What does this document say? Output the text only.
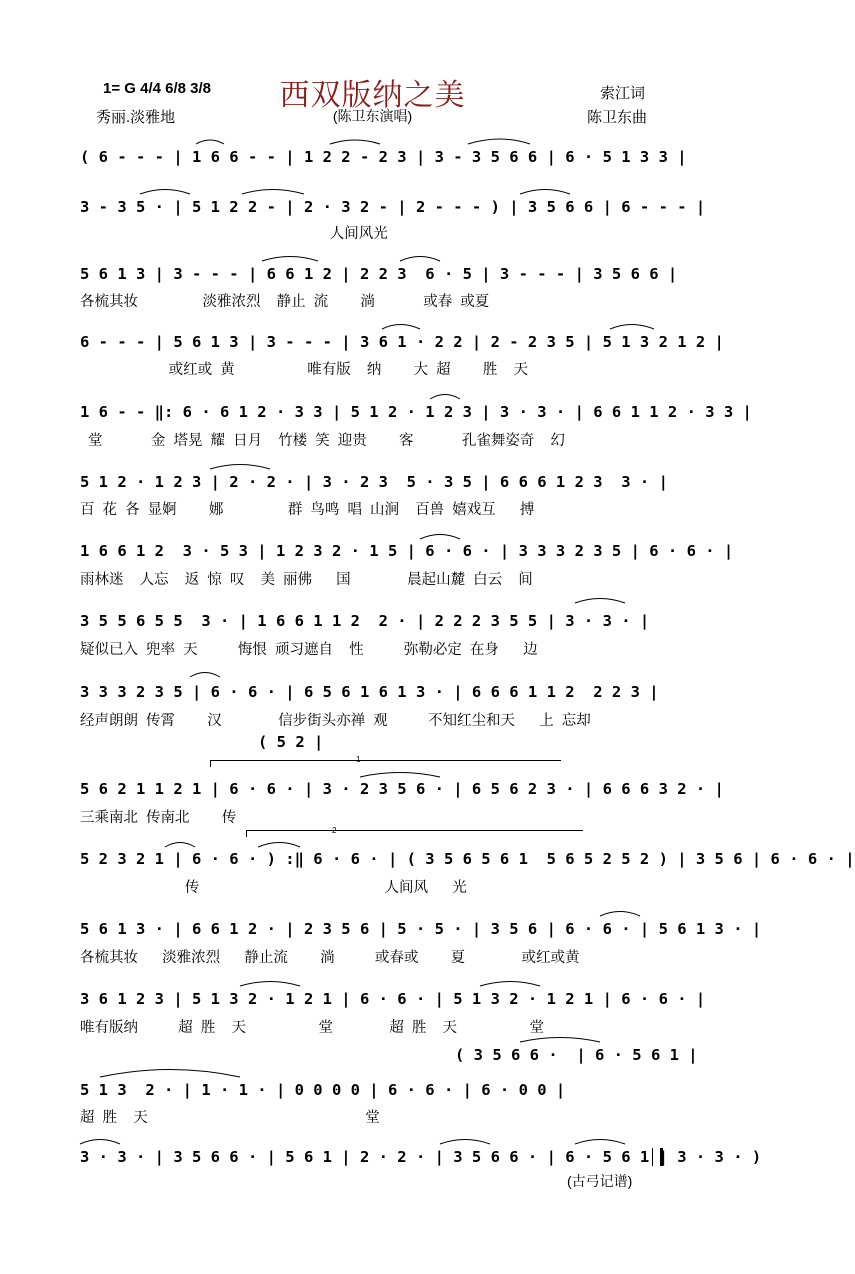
西双版纳之美
1= G 4/4 6/8 3/8
秀丽.淡雅地	(陈卫东演唱)
索江词
陈卫东曲
( 6 - - - | 1 6 6 - - | 1 2 2 - 2 3 | 3 - 3 5 6 6 | 6 · 5 1 3 3 |
3 - 3 5 · | 5 1 2 2 - | 2 · 3 2 - | 2 - - - ) | 3 5 6 6 | 6 - - - |
人间风光
5 6 1 3 | 3 - - - | 6 6 1 2 | 2 2 3  6 · 5 | 3 - - - | 3 5 6 6 |
各梳其妆                淡雅浓烈    静止  流        淌            或春  或夏
6 - - - | 5 6 1 3 | 3 - - - | 3 6 1 · 2 2 | 2 - 2 3 5 | 5 1 3 2 1 2 |
或红或  黄                  唯有版    纳        大  超        胜    天
1 6 - - ‖: 6 · 6 1 2 · 3 3 | 5 1 2 · 1 2 3 | 3 · 3 · | 6 6 1 1 2 · 3 3 |
堂            金  塔晃  耀  日月    竹楼  笑  迎贵        客            孔雀舞姿奇    幻
5 1 2 · 1 2 3 | 2 · 2 · | 3 · 2 3  5 · 3 5 | 6 6 6 1 2 3  3 · |
百  花  各  显婀        娜                群  鸟鸣  唱  山涧    百兽  嬉戏互      搏
1 6 6 1 2  3 · 5 3 | 1 2 3 2 · 1 5 | 6 · 6 · | 3 3 3 2 3 5 | 6 · 6 · |
雨林迷    人忘    返  惊  叹    美  丽佛      国              晨起山麓  白云    间
3 5 5 6 5 5  3 · | 1 6 6 1 1 2  2 · | 2 2 2 3 5 5 | 3 · 3 · |
疑似已入  兜率  天          悔恨  顽习遮自    性          弥勒必定  在身      边
3 3 3 2 3 5 | 6 · 6 · | 6 5 6 1 6 1 3 · | 6 6 6 1 1 2  2 2 3 |
经声朗朗  传霄        汉              信步街头亦禅  观          不知红尘和天      上  忘却
( 5 2 |
1
5 6 2 1 1 2 1 | 6 · 6 · | 3 · 2 3 5 6 · | 6 5 6 2 3 · | 6 6 6 3 2 · |
三乘南北  传南北        传
2
5 2 3 2 1 | 6 · 6 · ) :‖ 6 · 6 · | ( 3 5 6 5 6 1  5 6 5 2 5 2 ) | 3 5 6 | 6 · 6 · |
传                                              人间风      光
5 6 1 3 · | 6 6 1 2 · | 2 3 5 6 | 5 · 5 · | 3 5 6 | 6 · 6 · | 5 6 1 3 · |
各梳其妆      淡雅浓烈      静止流        淌          或春或        夏              或红或黄
3 6 1 2 3 | 5 1 3 2 · 1 2 1 | 6 · 6 · | 5 1 3 2 · 1 2 1 | 6 · 6 · |
唯有版纳          超  胜    天                  堂              超  胜    天                  堂
( 3 5 6 6 ·  | 6 · 5 6 1 |
5 1 3  2 · | 1 · 1 · | 0 0 0 0 | 6 · 6 · | 6 · 0 0 |
超  胜    天                                                      堂
3 · 3 · | 3 5 6 6 · | 5 6 1 | 2 · 2 · | 3 5 6 6 · | 6 · 5 6 1 | 3 · 3 · )
(古弓记谱)
